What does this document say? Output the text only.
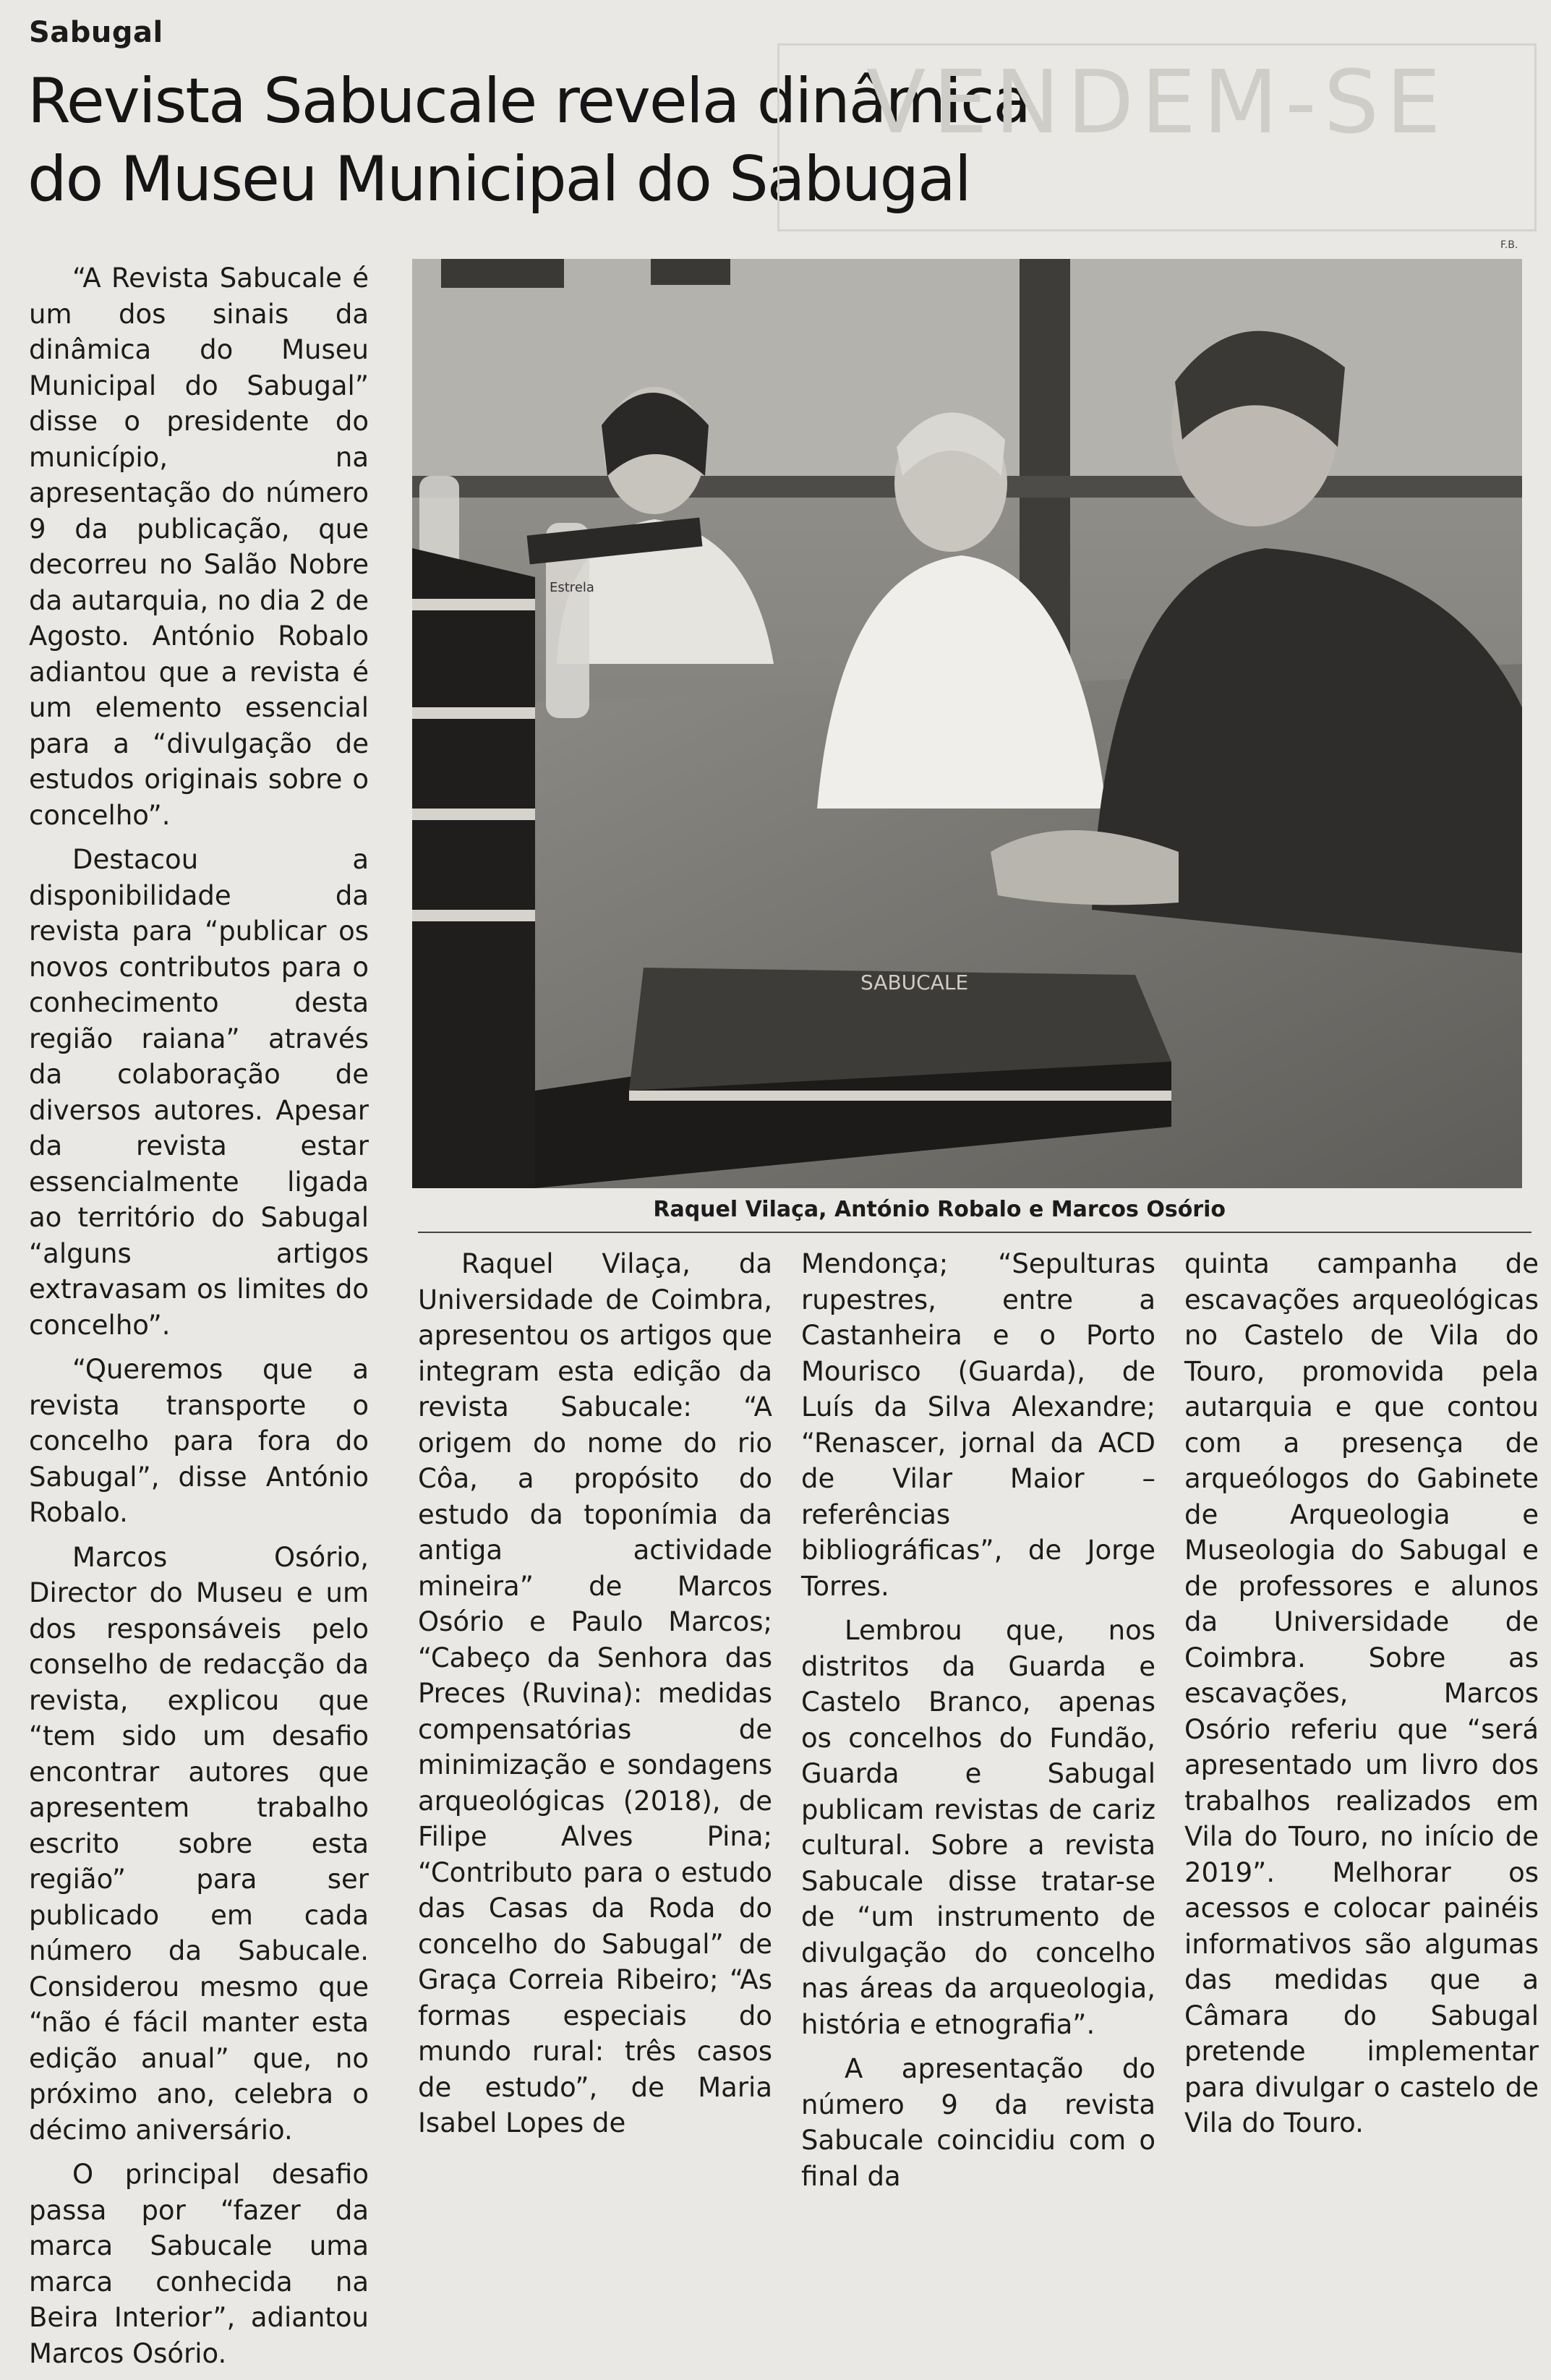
Sabugal
Revista Sabucale revela dinâmica
do Museu Municipal do Sabugal
VENDEM-SE

“A Revista Sabucale é um dos sinais da dinâmica do Museu Municipal do Sabugal” disse o presidente do município, na apresentação do número 9 da publicação, que decorreu no Salão Nobre da autarquia, no dia 2 de Agosto. António Robalo adiantou que a revista é um elemento essencial para a “divulgação de estudos originais sobre o concelho”.

Destacou a disponibilidade da revista para “publicar os novos contributos para o conhecimento desta região raiana” através da colaboração de diversos autores. Apesar da revista estar essencialmente ligada ao território do Sabugal “alguns artigos extravasam os limites do concelho”.

“Queremos que a revista transporte o concelho para fora do Sabugal”, disse António Robalo.

Marcos Osório, Director do Museu e um dos responsáveis pelo conselho de redacção da revista, explicou que “tem sido um desafio encontrar autores que apresentem trabalho escrito sobre esta região” para ser publicado em cada número da Sabucale. Considerou mesmo que “não é fácil manter esta edição anual” que, no próximo ano, celebra o décimo aniversário.

O principal desafio passa por “fazer da marca Sabucale uma marca conhecida na Beira Interior”, adiantou Marcos Osório.

F.B.
Estrela
SABUCALE
Raquel Vilaça, António Robalo e Marcos Osório

Raquel Vilaça, da Universidade de Coimbra, apresentou os artigos que integram esta edição da revista Sabucale: “A origem do nome do rio Côa, a propósito do estudo da toponímia da antiga actividade mineira” de Marcos Osório e Paulo Marcos; “Cabeço da Senhora das Preces (Ruvina): medidas compensatórias de minimização e sondagens arqueológicas (2018), de Filipe Alves Pina; “Contributo para o estudo das Casas da Roda do concelho do Sabugal” de Graça Correia Ribeiro; “As formas especiais do mundo rural: três casos de estudo”, de Maria Isabel Lopes de

Mendonça; “Sepulturas rupestres, entre a Castanheira e o Porto Mourisco (Guarda), de Luís da Silva Alexandre; “Renascer, jornal da ACD de Vilar Maior – referências bibliográficas”, de Jorge Torres.

Lembrou que, nos distritos da Guarda e Castelo Branco, apenas os concelhos do Fundão, Guarda e Sabugal publicam revistas de cariz cultural. Sobre a revista Sabucale disse tratar-se de “um instrumento de divulgação do concelho nas áreas da arqueologia, história e etnografia”.

A apresentação do número 9 da revista Sabucale coincidiu com o final da

quinta campanha de escavações arqueológicas no Castelo de Vila do Touro, promovida pela autarquia e que contou com a presença de arqueólogos do Gabinete de Arqueologia e Museologia do Sabugal e de professores e alunos da Universidade de Coimbra. Sobre as escavações, Marcos Osório referiu que “será apresentado um livro dos trabalhos realizados em Vila do Touro, no início de 2019”. Melhorar os acessos e colocar painéis informativos são algumas das medidas que a Câmara do Sabugal pretende implementar para divulgar o castelo de Vila do Touro.
